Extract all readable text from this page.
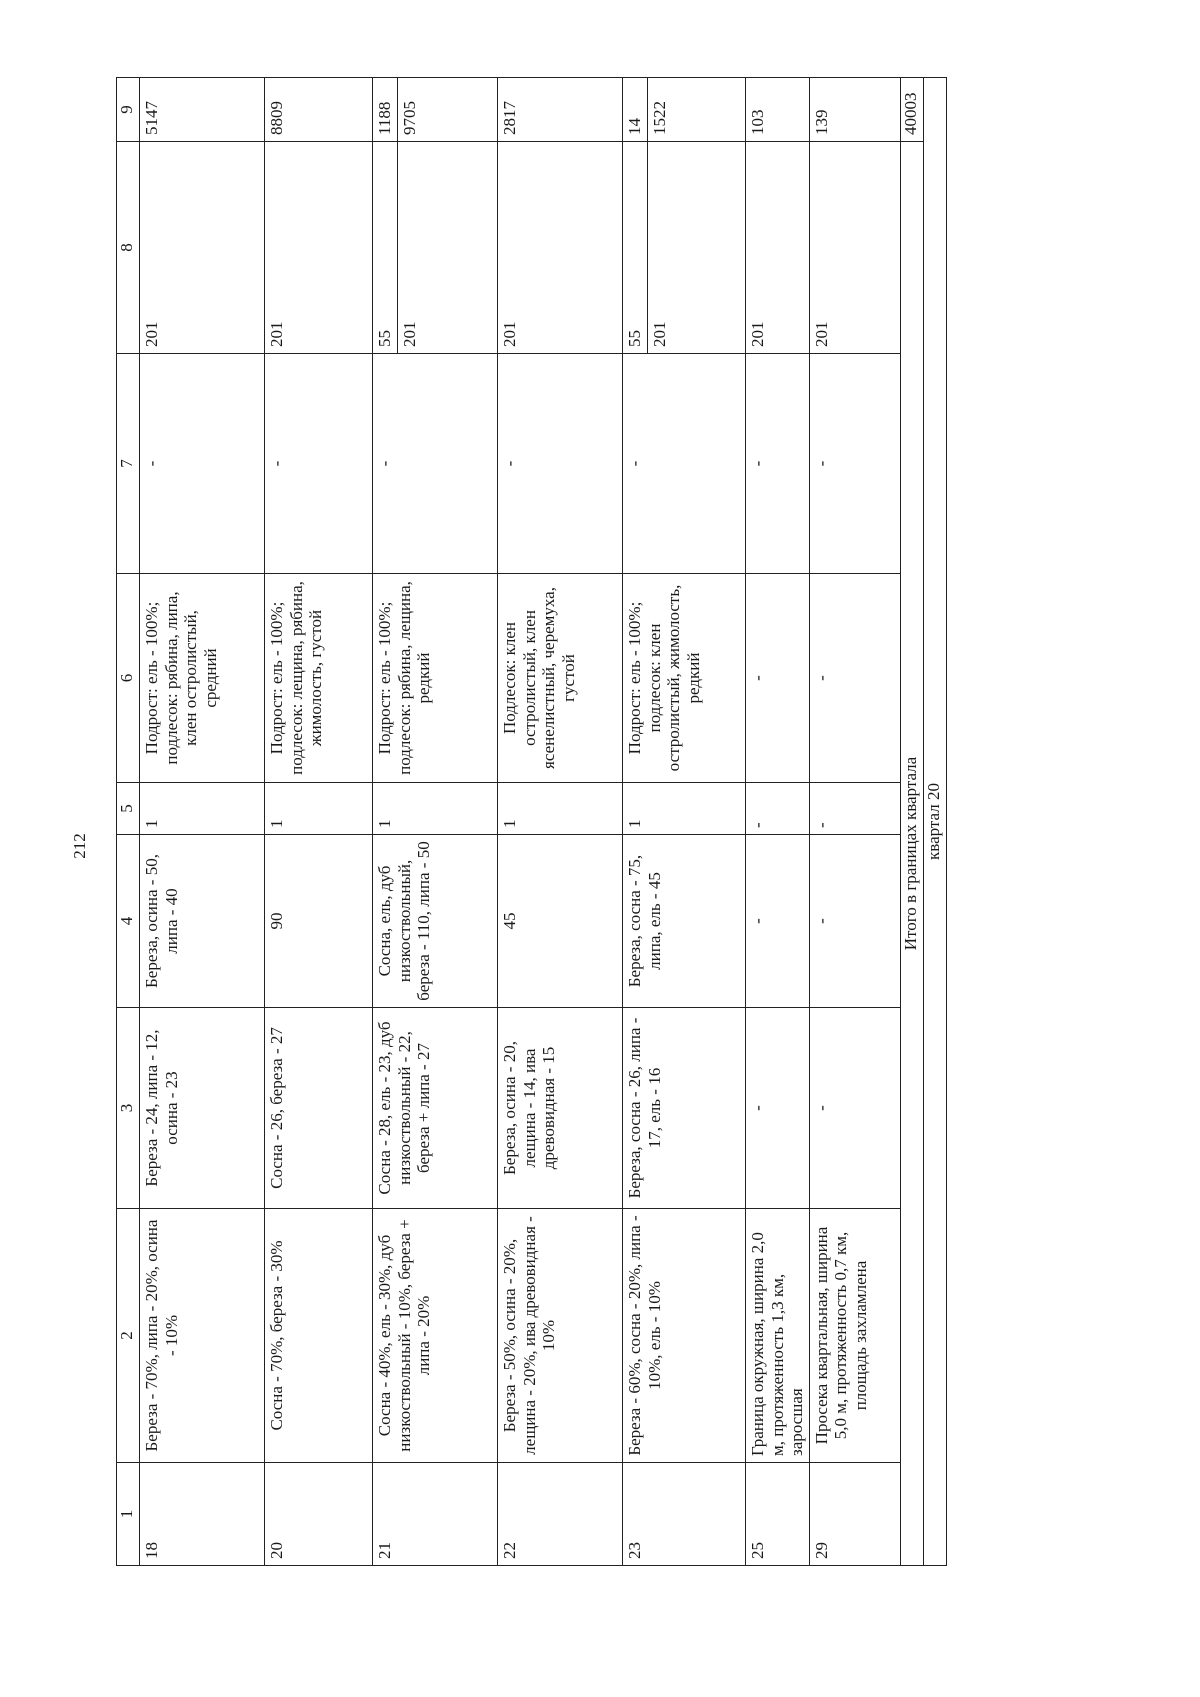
212
1	2	3	4	5	6	7	8	9
18	Береза - 70%, липа - 20%, осина - 10%	Береза - 24, липа - 12, осина - 23	Береза, осина - 50, липа - 40	1	Подрост: ель - 100%; подлесок: рябина, липа, клен остролистый, средний	-	201	5147
20	Сосна - 70%, береза - 30%	Сосна - 26, береза - 27	90	1	Подрост: ель - 100%; подлесок: лещина, рябина, жимолость, густой	-	201	8809
21	Сосна - 40%, ель - 30%, дуб низкоствольный - 10%, береза + липа - 20%	Сосна - 28, ель - 23, дуб низкоствольный - 22, береза + липа - 27	Сосна, ель, дуб низкоствольный, береза - 110, липа - 50	1	Подрост: ель - 100%; подлесок: рябина, лещина, редкий	-	55 201	1188 9705

22	Береза - 50%, осина - 20%, лещина - 20%, ива древовидная - 10%	Береза, осина - 20, лещина - 14, ива древовидная - 15	45	1	Подлесок: клен остролистый, клен ясенелистный, черемуха, густой	-	201	2817
23	Береза - 60%, сосна - 20%, липа - 10%, ель - 10%	Береза, сосна - 26, липа - 17, ель - 16	Береза, сосна - 75, липа, ель - 45	1	Подрост: ель - 100%; подлесок: клен остролистый, жимолость, редкий	-	55 201	14 1522

25	Граница окружная, ширина 2,0 м, протяженность 1,3 км, заросшая	-	-	-	-	-	201	103
29	Просека квартальная, ширина 5,0 м, протяженность 0,7 км, площадь захламлена	-	-	-	-	-	201	139
Итого в границах квартала								40003
квартал 20								
